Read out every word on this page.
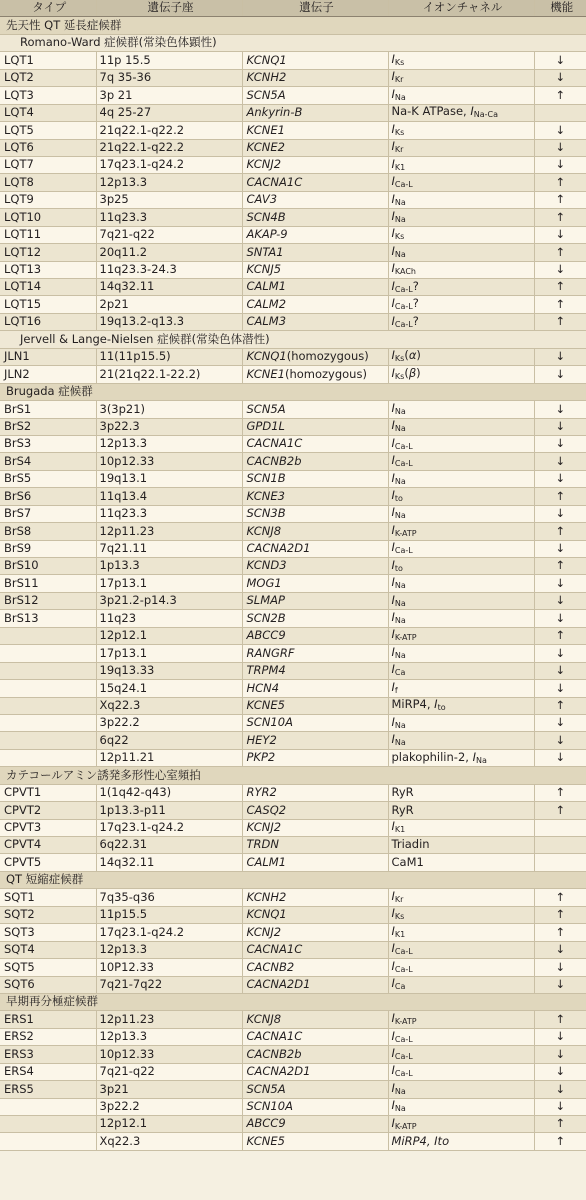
タイプ	遺伝子座	遺伝子	イオンチャネル	機能
先天性 QT 延長症候群				
Romano-Ward 症候群(常染色体顕性)				
LQT1	11p 15.5	KCNQ1	$I_{Ks}$	↓
LQT2	7q 35-36	KCNH2	$I_{Kr}$	↓
LQT3	3p 21	SCN5A	$I_{Na}$	↑
LQT4	4q 25-27	Ankyrin-B	Na-K ATPase, $I_{Na-Ca}$	
LQT5	21q22.1-q22.2	KCNE1	$I_{Ks}$	↓
LQT6	21q22.1-q22.2	KCNE2	$I_{Kr}$	↓
LQT7	17q23.1-q24.2	KCNJ2	$I_{K1}$	↓
LQT8	12p13.3	CACNA1C	$I_{Ca-L}$	↑
LQT9	3p25	CAV3	$I_{Na}$	↑
LQT10	11q23.3	SCN4B	$I_{Na}$	↑
LQT11	7q21-q22	AKAP-9	$I_{Ks}$	↓
LQT12	20q11.2	SNTA1	$I_{Na}$	↑
LQT13	11q23.3-24.3	KCNJ5	$I_{KACh}$	↓
LQT14	14q32.11	CALM1	$I_{Ca-L}$?	↑
LQT15	2p21	CALM2	$I_{Ca-L}$?	↑
LQT16	19q13.2-q13.3	CALM3	$I_{Ca-L}$?	↑
Jervell & Lange-Nielsen 症候群(常染色体潜性)				
JLN1	11(11p15.5)	KCNQ1(homozygous)	$I_{Ks}(\alpha)$	↓
JLN2	21(21q22.1-22.2)	KCNE1(homozygous)	$I_{Ks}(\beta)$	↓
Brugada 症候群				
BrS1	3(3p21)	SCN5A	$I_{Na}$	↓
BrS2	3p22.3	GPD1L	$I_{Na}$	↓
BrS3	12p13.3	CACNA1C	$I_{Ca-L}$	↓
BrS4	10p12.33	CACNB2b	$I_{Ca-L}$	↓
BrS5	19q13.1	SCN1B	$I_{Na}$	↓
BrS6	11q13.4	KCNE3	$I_{to}$	↑
BrS7	11q23.3	SCN3B	$I_{Na}$	↓
BrS8	12p11.23	KCNJ8	$I_{K-ATP}$	↑
BrS9	7q21.11	CACNA2D1	$I_{Ca-L}$	↓
BrS10	1p13.3	KCND3	$I_{to}$	↑
BrS11	17p13.1	MOG1	$I_{Na}$	↓
BrS12	3p21.2-p14.3	SLMAP	$I_{Na}$	↓
BrS13	11q23	SCN2B	$I_{Na}$	↓
	12p12.1	ABCC9	$I_{K-ATP}$	↑
	17p13.1	RANGRF	$I_{Na}$	↓
	19q13.33	TRPM4	$I_{Ca}$	↓
	15q24.1	HCN4	$I_f$	↓
	Xq22.3	KCNE5	MiRP4, $I_{to}$	↑
	3p22.2	SCN10A	$I_{Na}$	↓
	6q22	HEY2	$I_{Na}$	↓
	12p11.21	PKP2	plakophilin-2, $I_{Na}$	↓
カテコールアミン誘発多形性心室頻拍				
CPVT1	1(1q42-q43)	RYR2	RyR	↑
CPVT2	1p13.3-p11	CASQ2	RyR	↑
CPVT3	17q23.1-q24.2	KCNJ2	$I_{K1}$	
CPVT4	6q22.31	TRDN	Triadin	
CPVT5	14q32.11	CALM1	CaM1	
QT 短縮症候群				
SQT1	7q35-q36	KCNH2	$I_{Kr}$	↑
SQT2	11p15.5	KCNQ1	$I_{Ks}$	↑
SQT3	17q23.1-q24.2	KCNJ2	$I_{K1}$	↑
SQT4	12p13.3	CACNA1C	$I_{Ca-L}$	↓
SQT5	10P12.33	CACNB2	$I_{Ca-L}$	↓
SQT6	7q21-7q22	CACNA2D1	$I_{Ca}$	↓
早期再分極症候群				
ERS1	12p11.23	KCNJ8	$I_{K-ATP}$	↑
ERS2	12p13.3	CACNA1C	$I_{Ca-L}$	↓
ERS3	10p12.33	CACNB2b	$I_{Ca-L}$	↓
ERS4	7q21-q22	CACNA2D1	$I_{Ca-L}$	↓
ERS5	3p21	SCN5A	$I_{Na}$	↓
	3p22.2	SCN10A	$I_{Na}$	↓
	12p12.1	ABCC9	$I_{K-ATP}$	↑
	Xq22.3	KCNE5	MiRP4, Ito	↑
